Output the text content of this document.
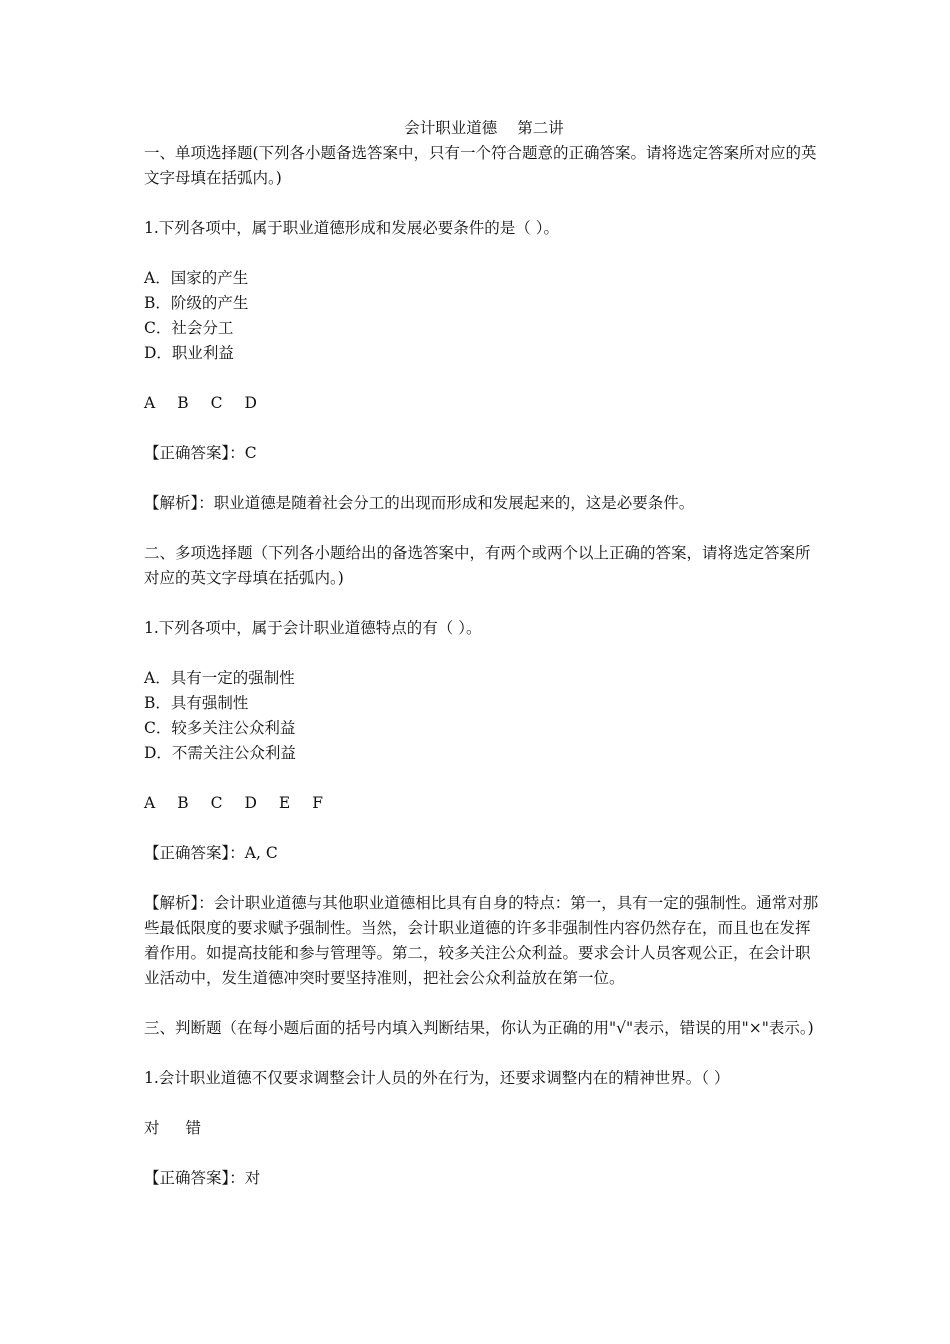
会计职业道德 第二讲

一、单项选择题(下列各小题备选答案中，只有一个符合题意的正确答案。请将选定答案所对应的英文字母填在括弧内。)

1.下列各项中，属于职业道德形成和发展必要条件的是（ ）。

A．国家的产生

B．阶级的产生

C．社会分工

D．职业利益

A B C D

【正确答案】：C

【解析】：职业道德是随着社会分工的出现而形成和发展起来的，这是必要条件。

二、多项选择题（下列各小题给出的备选答案中，有两个或两个以上正确的答案，请将选定答案所对应的英文字母填在括弧内。)

1.下列各项中，属于会计职业道德特点的有（ ）。

A．具有一定的强制性

B．具有强制性

C．较多关注公众利益

D．不需关注公众利益

A B C D E F

【正确答案】：A, C

【解析】：会计职业道德与其他职业道德相比具有自身的特点：第一，具有一定的强制性。通常对那些最低限度的要求赋予强制性。当然，会计职业道德的许多非强制性内容仍然存在，而且也在发挥着作用。如提高技能和参与管理等。第二，较多关注公众利益。要求会计人员客观公正，在会计职业活动中，发生道德冲突时要坚持准则，把社会公众利益放在第一位。

三、判断题（在每小题后面的括号内填入判断结果，你认为正确的用"√"表示，错误的用"×"表示。)

1.会计职业道德不仅要求调整会计人员的外在行为，还要求调整内在的精神世界。（ ）

对 错

【正确答案】：对
